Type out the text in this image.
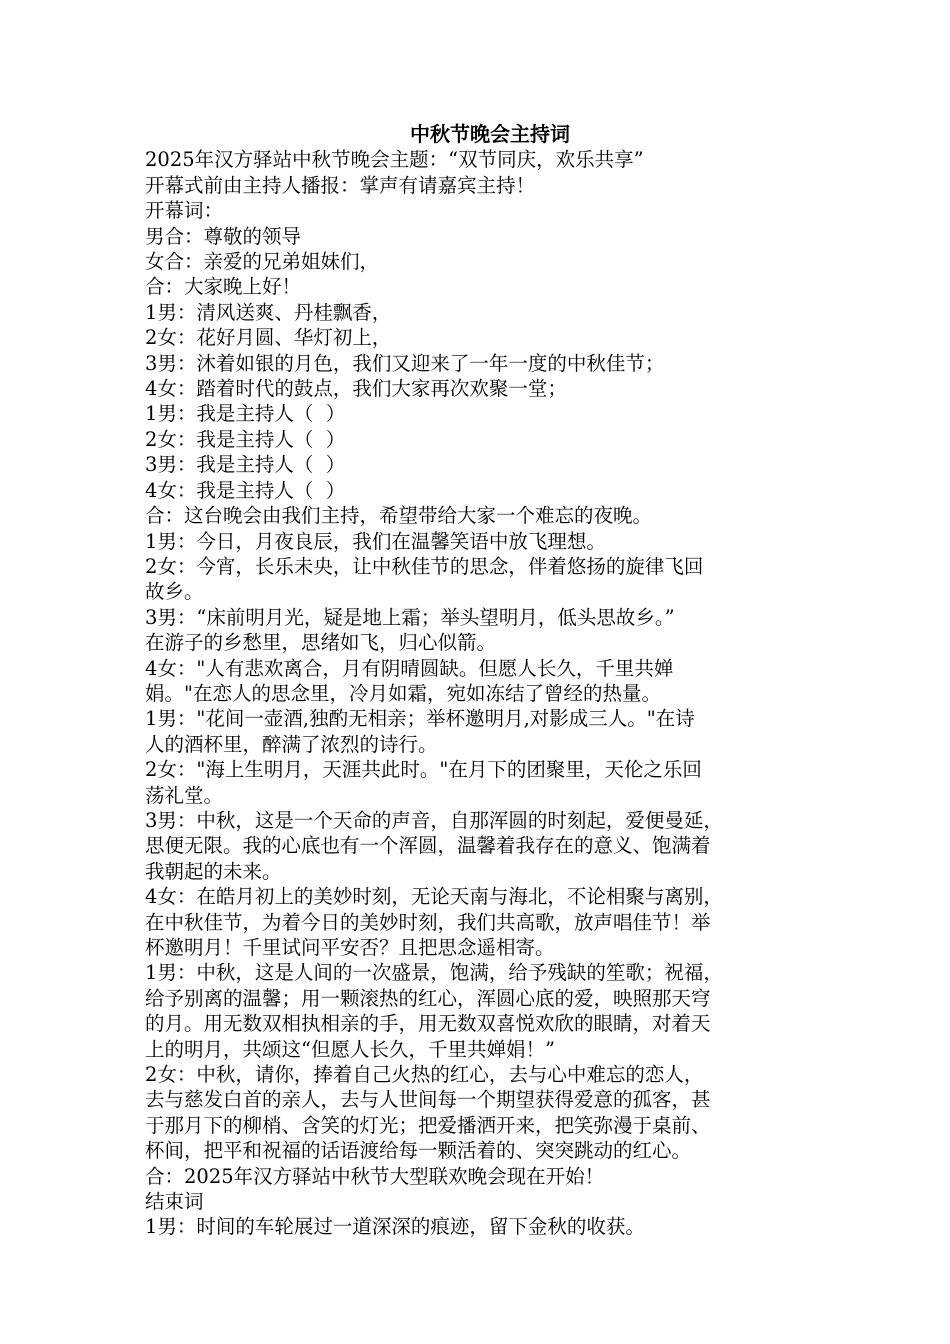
中秋节晚会主持词

2025年汉方驿站中秋节晚会主题：“双节同庆，欢乐共享”

开幕式前由主持人播报：掌声有请嘉宾主持！

开幕词：

男合：尊敬的领导

女合：亲爱的兄弟姐妹们，

合：大家晚上好！

1男：清风送爽、丹桂飘香，

2女：花好月圆、华灯初上，

3男：沐着如银的月色，我们又迎来了一年一度的中秋佳节；

4女：踏着时代的鼓点，我们大家再次欢聚一堂；

1男：我是主持人（  ）

2女：我是主持人（  ）

3男：我是主持人（  ）

4女：我是主持人（  ）

合：这台晚会由我们主持，希望带给大家一个难忘的夜晚。

1男：今日，月夜良辰，我们在温馨笑语中放飞理想。

2女：今宵，长乐未央，让中秋佳节的思念，伴着悠扬的旋律飞回

故乡。

3男：“床前明月光，疑是地上霜；举头望明月，低头思故乡。”

在游子的乡愁里，思绪如飞，归心似箭。

4女："人有悲欢离合，月有阴晴圆缺。但愿人长久，千里共婵

娟。"在恋人的思念里，冷月如霜，宛如冻结了曾经的热量。

1男："花间一壶酒,独酌无相亲；举杯邀明月,对影成三人。"在诗

人的酒杯里，醉满了浓烈的诗行。

2女："海上生明月，天涯共此时。"在月下的团聚里，天伦之乐回

荡礼堂。

3男：中秋，这是一个天命的声音，自那浑圆的时刻起，爱便曼延，

思便无限。我的心底也有一个浑圆，温馨着我存在的意义、饱满着

我朝起的未来。

4女：在皓月初上的美妙时刻，无论天南与海北，不论相聚与离别，

在中秋佳节，为着今日的美妙时刻，我们共高歌，放声唱佳节！举

杯邀明月！千里试问平安否？且把思念遥相寄。

1男：中秋，这是人间的一次盛景，饱满，给予残缺的笙歌；祝福，

给予别离的温馨；用一颗滚热的红心，浑圆心底的爱，映照那天穹

的月。用无数双相执相亲的手，用无数双喜悦欢欣的眼睛，对着天

上的明月，共颂这“但愿人长久，千里共婵娟！”

2女：中秋，请你，捧着自己火热的红心，去与心中难忘的恋人，

去与慈发白首的亲人，去与人世间每一个期望获得爱意的孤客，甚

于那月下的柳梢、含笑的灯光；把爱播洒开来，把笑弥漫于桌前、

杯间，把平和祝福的话语渡给每一颗活着的、突突跳动的红心。

合：2025年汉方驿站中秋节大型联欢晚会现在开始！

结束词

1男：时间的车轮展过一道深深的痕迹，留下金秋的收获。
